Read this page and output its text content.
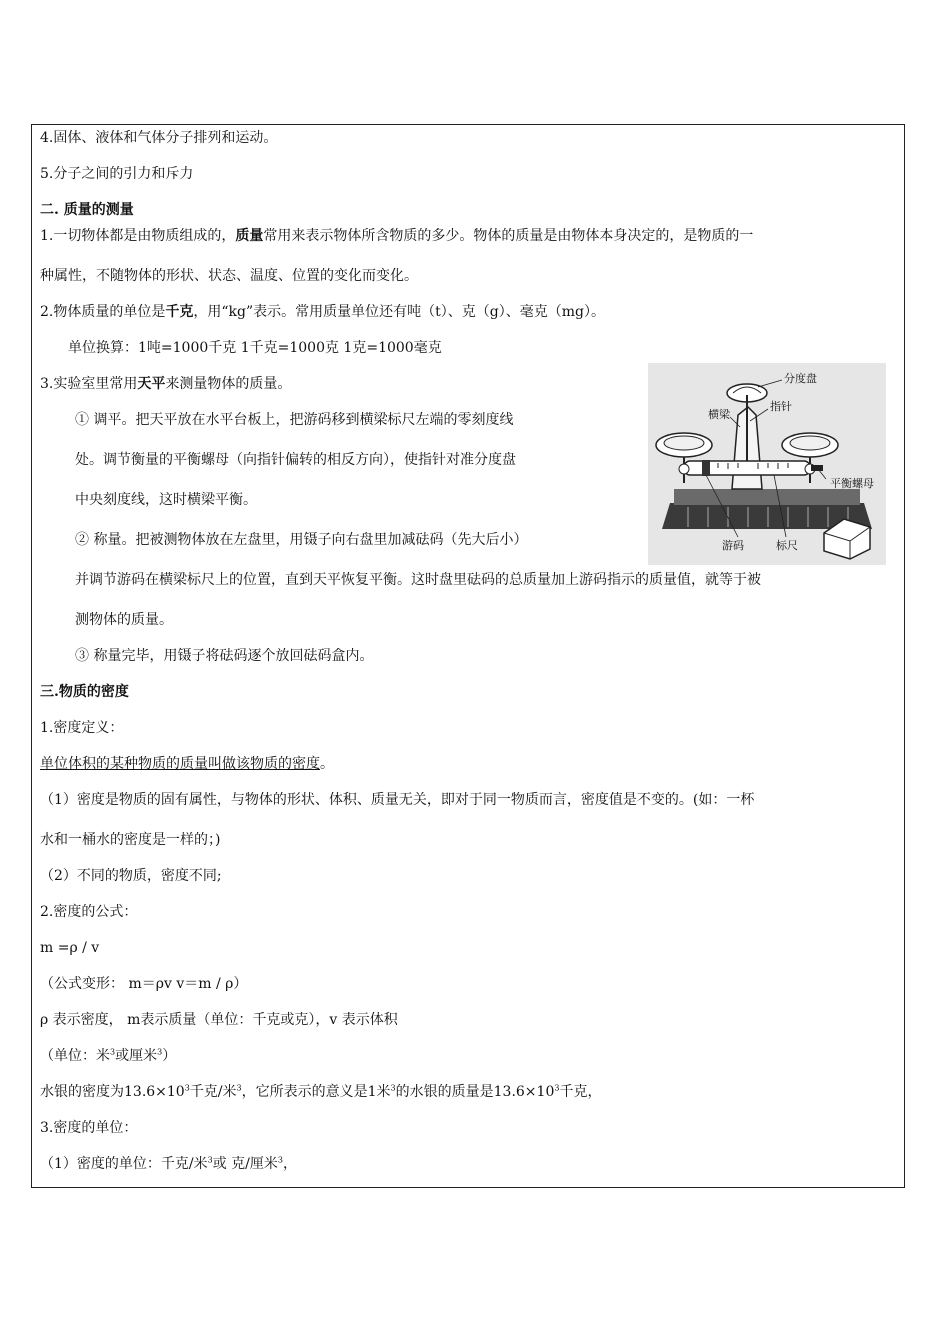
4.固体、液体和气体分子排列和运动。
5.分子之间的引力和斥力
二. 质量的测量
1.一切物体都是由物质组成的，质量常用来表示物体所含物质的多少。物体的质量是由物体本身决定的，是物质的一
种属性，不随物体的形状、状态、温度、位置的变化而变化。
2.物体质量的单位是千克，用“kg”表示。常用质量单位还有吨（t）、克（g）、毫克（mg）。
单位换算：1吨=1000千克 1千克=1000克 1克=1000毫克
3.实验室里常用天平来测量物体的质量。
① 调平。把天平放在水平台板上，把游码移到横梁标尺左端的零刻度线
处。调节衡量的平衡螺母（向指针偏转的相反方向），使指针对准分度盘
中央刻度线，这时横梁平衡。
② 称量。把被测物体放在左盘里，用镊子向右盘里加减砝码（先大后小）
并调节游码在横梁标尺上的位置，直到天平恢复平衡。这时盘里砝码的总质量加上游码指示的质量值，就等于被
测物体的质量。
③ 称量完毕，用镊子将砝码逐个放回砝码盒内。
分度盘
横梁
指针
平衡螺母
游码	标尺
三.物质的密度
1.密度定义：
单位体积的某种物质的质量叫做该物质的密度。
（1）密度是物质的固有属性，与物体的形状、体积、质量无关，即对于同一物质而言，密度值是不变的。(如：一杯
水和一桶水的密度是一样的；)
（2）不同的物质，密度不同;
2.密度的公式：
m =ρ / v
（公式变形： m＝ρv v＝m / ρ）
ρ 表示密度， m表示质量（单位：千克或克），v 表示体积
（单位：米$^3$或厘米$^3$）
水银的密度为$13.6\times 10^3$千克/米$^3$，它所表示的意义是1米$^3$的水银的质量是$13.6\times 10^3$千克，
3.密度的单位：
（1）密度的单位：千克/米$^3$或 克/厘米$^3$，
